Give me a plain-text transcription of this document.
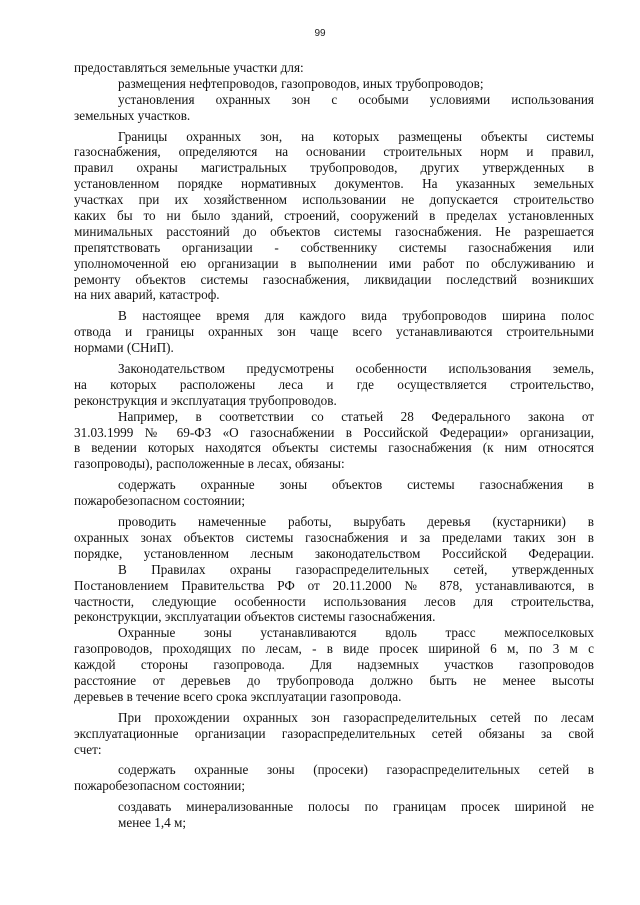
99
предоставляться земельные участки для:
размещения нефтепроводов, газопроводов, иных трубопроводов;
установления охранных зон с особыми условиями использования
земельных участков.
Границы охранных зон, на которых размещены объекты системы
газоснабжения, определяются на основании строительных норм и правил,
правил охраны магистральных трубопроводов, других утвержденных в
установленном порядке нормативных документов. На указанных земельных
участках при их хозяйственном использовании не допускается строительство
каких бы то ни было зданий, строений, сооружений в пределах установленных
минимальных расстояний до объектов системы газоснабжения. Не разрешается
препятствовать организации - собственнику системы газоснабжения или
уполномоченной ею организации в выполнении ими работ по обслуживанию и
ремонту объектов системы газоснабжения, ликвидации последствий возникших
на них аварий, катастроф.
В настоящее время для каждого вида трубопроводов ширина полос
отвода и границы охранных зон чаще всего устанавливаются строительными
нормами (СНиП).
Законодательством предусмотрены особенности использования земель,
на которых расположены леса и где осуществляется строительство,
реконструкция и эксплуатация трубопроводов.
Например, в соответствии со статьей 28 Федерального закона от
31.03.1999 № 69-ФЗ «О газоснабжении в Российской Федерации» организации,
в ведении которых находятся объекты системы газоснабжения (к ним относятся
газопроводы), расположенные в лесах, обязаны:
содержать охранные зоны объектов системы газоснабжения в
пожаробезопасном состоянии;
проводить намеченные работы, вырубать деревья (кустарники) в
охранных зонах объектов системы газоснабжения и за пределами таких зон в
порядке, установленном лесным законодательством Российской Федерации.
В Правилах охраны газораспределительных сетей, утвержденных
Постановлением Правительства РФ от 20.11.2000 № 878, устанавливаются, в
частности, следующие особенности использования лесов для строительства,
реконструкции, эксплуатации объектов системы газоснабжения.
Охранные зоны устанавливаются вдоль трасс межпоселковых
газопроводов, проходящих по лесам, - в виде просек шириной 6 м, по 3 м с
каждой стороны газопровода. Для надземных участков газопроводов
расстояние от деревьев до трубопровода должно быть не менее высоты
деревьев в течение всего срока эксплуатации газопровода.
При прохождении охранных зон газораспределительных сетей по лесам
эксплуатационные организации газораспределительных сетей обязаны за свой
счет:
содержать охранные зоны (просеки) газораспределительных сетей в
пожаробезопасном состоянии;
создавать минерализованные полосы по границам просек шириной не
менее 1,4 м;
